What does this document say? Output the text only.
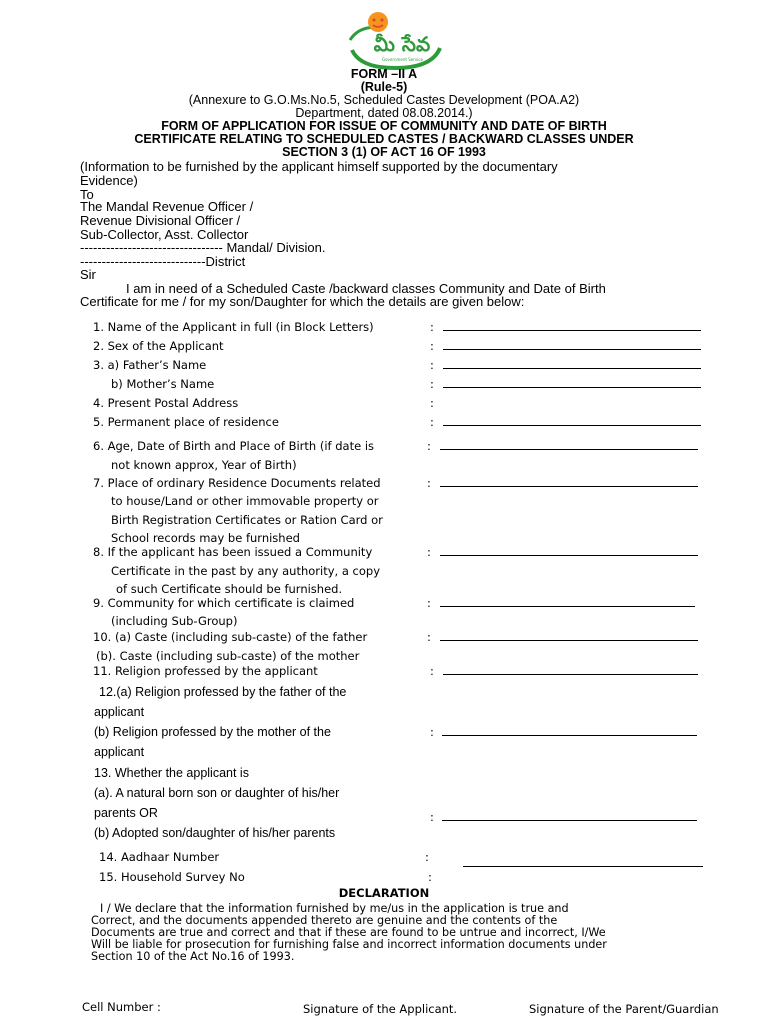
మీ సేవ
Government Service
FORM –II A
(Rule-5)
(Annexure to G.O.Ms.No.5, Scheduled Castes Development (POA.A2)
Department, dated 08.08.2014.)
FORM OF APPLICATION FOR ISSUE OF COMMUNITY AND DATE OF BIRTH
CERTIFICATE RELATING TO SCHEDULED CASTES / BACKWARD CLASSES UNDER
SECTION 3 (1) OF ACT 16 OF 1993
(Information to be furnished by the applicant himself supported by the documentary
Evidence)
To
The Mandal Revenue Officer /
Revenue Divisional Officer /
Sub-Collector, Asst. Collector
--------------------------------- Mandal/ Division.
-----------------------------District
Sir
I am in need of a Scheduled Caste /backward classes Community and Date of Birth
Certificate for me / for my son/Daughter for which the details are given below:
1. Name of the Applicant in full (in Block Letters)	:
2. Sex of the Applicant	:
3. a) Father’s Name	:
b) Mother’s Name	:
4. Present Postal Address	:
5. Permanent place of residence	:
6. Age, Date of Birth and Place of Birth (if date is
not known approx, Year of Birth)
:
7. Place of ordinary Residence Documents related
to house/Land or other immovable property or
Birth Registration Certificates or Ration Card or
School records may be furnished
:
8. If the applicant has been issued a Community
Certificate in the past by any authority, a copy
of such Certificate should be furnished.
:
9. Community for which certificate is claimed
(including Sub-Group)
:
10. (a) Caste (including sub-caste) of the father	:
(b). Caste (including sub-caste) of the mother
11. Religion professed by the applicant	:
12.(a) Religion professed by the father of the
applicant
(b) Religion professed by the mother of the
applicant
:
13. Whether the applicant is
(a). A natural born son or daughter of his/her
parents OR	:
(b) Adopted son/daughter of his/her parents
14. Aadhaar Number	:
15. Household Survey No	:
DECLARATION
I / We declare that the information furnished by me/us in the application is true and
Correct, and the documents appended thereto are genuine and the contents of the
Documents are true and correct and that if these are found to be untrue and incorrect, I/We
Will be liable for prosecution for furnishing false and incorrect information documents under
Section 10 of the Act No.16 of 1993.
Cell Number :	Signature of the Applicant.	Signature of the Parent/Guardian
